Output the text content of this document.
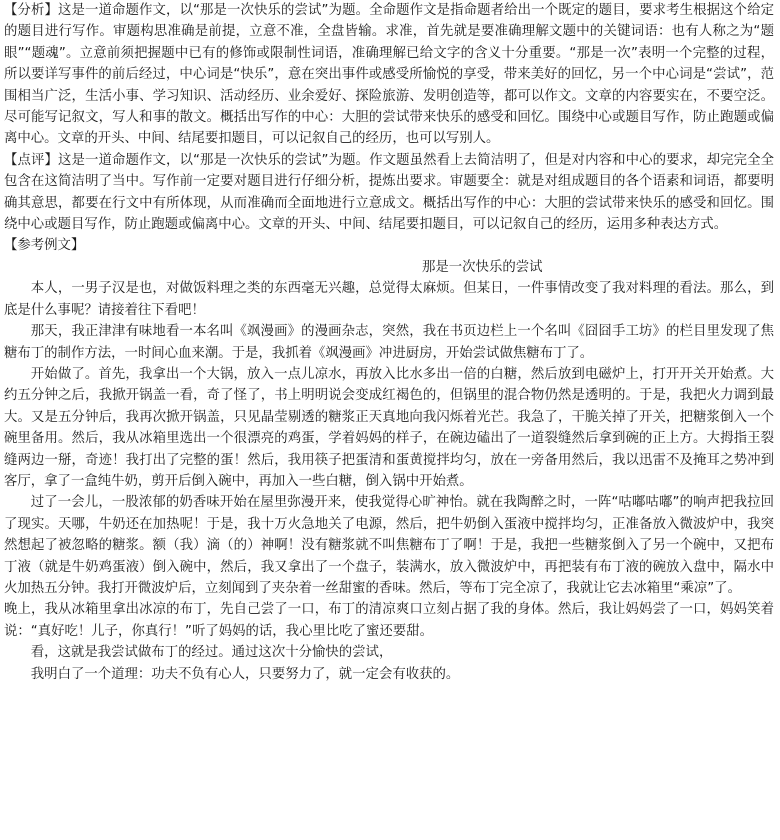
【分析】这是一道命题作文，以“那是一次快乐的尝试”为题。全命题作文是指命题者给出一个既定的题目，要求考生根据这个给定的题目进行写作。审题构思准确是前提，立意不准，全盘皆输。求准，首先就是要准确理解文题中的关键词语：也有人称之为“题眼”“题魂”。立意前须把握题中已有的修饰或限制性词语，准确理解已给文字的含义十分重要。“那是一次”表明一个完整的过程，所以要详写事件的前后经过，中心词是“快乐”，意在突出事件或感受所愉悦的享受，带来美好的回忆，另一个中心词是“尝试”，范围相当广泛，生活小事、学习知识、活动经历、业余爱好、探险旅游、发明创造等，都可以作文。文章的内容要实在，不要空泛。尽可能写记叙文，写人和事的散文。概括出写作的中心：大胆的尝试带来快乐的感受和回忆。围绕中心或题目写作，防止跑题或偏离中心。文章的开头、中间、结尾要扣题目，可以记叙自己的经历，也可以写别人。

【点评】这是一道命题作文，以“那是一次快乐的尝试”为题。作文题虽然看上去简洁明了，但是对内容和中心的要求，却完完全全包含在这简洁明了当中。写作前一定要对题目进行仔细分析，提炼出要求。审题要全：就是对组成题目的各个语素和词语，都要明确其意思，都要在行文中有所体现，从而准确而全面地进行立意成文。概括出写作的中心：大胆的尝试带来快乐的感受和回忆。围绕中心或题目写作，防止跑题或偏离中心。文章的开头、中间、结尾要扣题目，可以记叙自己的经历，运用多种表达方式。

【参考例文】

那是一次快乐的尝试

本人，一男子汉是也，对做饭料理之类的东西毫无兴趣，总觉得太麻烦。但某日，一件事情改变了我对料理的看法。那么，到底是什么事呢？请接着往下看吧！

那天，我正津津有味地看一本名叫《飒漫画》的漫画杂志，突然，我在书页边栏上一个名叫《囧囧手工坊》的栏目里发现了焦糖布丁的制作方法，一时间心血来潮。于是，我抓着《飒漫画》冲进厨房，开始尝试做焦糖布丁了。

开始做了。首先，我拿出一个大锅，放入一点儿凉水，再放入比水多出一倍的白糖，然后放到电磁炉上，打开开关开始煮。大约五分钟之后，我掀开锅盖一看，奇了怪了，书上明明说会变成红褐色的，但锅里的混合物仍然是透明的。于是，我把火力调到最大。又是五分钟后，我再次掀开锅盖，只见晶莹剔透的糖浆正天真地向我闪烁着光芒。我急了，干脆关掉了开关，把糖浆倒入一个碗里备用。然后，我从冰箱里选出一个很漂亮的鸡蛋，学着妈妈的样子，在碗边磕出了一道裂缝然后拿到碗的正上方。大拇指王裂缝两边一掰，奇迹！我打出了完整的蛋！然后，我用筷子把蛋清和蛋黄搅拌均匀，放在一旁备用然后，我以迅雷不及掩耳之势冲到客厅，拿了一盒纯牛奶，剪开后倒入碗中，再加入一些白糖，倒入锅中开始煮。

过了一会儿，一股浓郁的奶香味开始在屋里弥漫开来，使我觉得心旷神怡。就在我陶醉之时，一阵“咕嘟咕嘟”的响声把我拉回了现实。天哪，牛奶还在加热呢！于是，我十万火急地关了电源，然后，把牛奶倒入蛋液中搅拌均匀，正准备放入微波炉中，我突然想起了被忽略的糖浆。额（我）滴（的）神啊！没有糖浆就不叫焦糖布丁了啊！于是，我把一些糖浆倒入了另一个碗中，又把布丁液（就是牛奶鸡蛋液）倒入碗中，然后，我又拿出了一个盘子，装满水，放入微波炉中，再把装有布丁液的碗放入盘中，隔水中火加热五分钟。我打开微波炉后，立刻闻到了夹杂着一丝甜蜜的香味。然后，等布丁完全凉了，我就让它去冰箱里“乘凉”了。

晚上，我从冰箱里拿出冰凉的布丁，先自己尝了一口，布丁的清凉爽口立刻占据了我的身体。然后，我让妈妈尝了一口，妈妈笑着说：“真好吃！儿子，你真行！”听了妈妈的话，我心里比吃了蜜还要甜。

看，这就是我尝试做布丁的经过。通过这次十分愉快的尝试，

我明白了一个道理：功夫不负有心人，只要努力了，就一定会有收获的。
